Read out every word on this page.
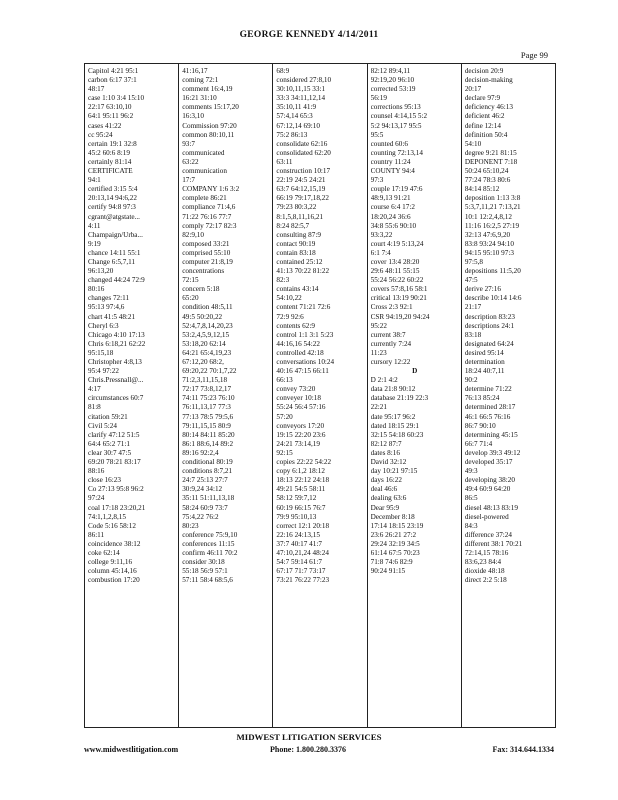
GEORGE KENNEDY 4/14/2011
Page 99
Capitol 4:21 95:1
carbon 6:17 37:1
48:17
case 1:10 3:4 15:10
22:17 63:10,10
64:1 95:11 96:2
cases 41:22
cc 95:24
certain 19:1 32:8
45:2 60:6 8:19
certainly 81:14
CERTIFICATE
94:1
certified 3:15 5:4
20:13,14 94:6,22
certify 94:8 97:3
cgrant@atgstate...
4:11
Champaign/Urba...
9:19
chance 14:11 55:1
Change 6:5,7,11
96:13,20
changed 44:24 72:9
80:16
changes 72:11
95:13 97:4,6
chart 41:5 48:21
Cheryl 6:3
Chicago 4:10 17:13
Chris 6:18,21 62:22
95:15,18
Christopher 4:8,13
95:4 97:22
Chris.Pressnall@...
4:17
circumstances 60:7
81:8
citation 59:21
Civil 5:24
clarify 47:12 51:5
64:4 65:2 71:1
clear 30:7 47:5
69:20 78:21 83:17
88:16
close 16:23
Co 27:13 95:8 96:2
97:24
coal 17:18 23:20,21
74:1,1,2,8,15
Code 5:16 58:12
86:11
coincidence 38:12
coke 62:14
college 9:11,16
column 45:14,16
combustion 17:20
41:16,17
coming 72:1
comment 16:4,19
16:21 31:10
comments 15:17,20
16:3,10
Commission 97:20
common 80:10,11
93:7
communicated
63:22
communication
17:7
COMPANY 1:6 3:2
complete 86:21
compliance 71:4,6
71:22 76:16 77:7
comply 72:17 82:3
82:9,10
composed 33:21
comprised 55:10
computer 21:8,19
concentrations
72:15
concern 5:18
65:20
condition 48:5,11
49:5 50:20,22
52:4,7,8,14,20,23
53:2,4,5,9,12,15
53:18,20 62:14
64:21 65:4,19,23
67:12,20 68:2,
69:20,22 70:1,7,22
71:2,3,11,15,18
72:17 73:8,12,17
74:11 75:23 76:10
76:11,13,17 77:3
77:13 78:5 79:5,6
79:11,15,15 80:9
80:14 84:11 85:20
86:1 88:6,14 89:2
89:16 92:2,4
conditional 80:19
conditions 8:7,21
24:7 25:13 27:7
30:9,24 34:12
35:11 51:11,13,18
58:24 60:9 73:7
75:4,22 76:2
80:23
conference 75:9,10
conferences 11:15
confirm 46:11 70:2
consider 30:18
55:18 56:9 57:1
57:11 58:4 68:5,6
68:9
considered 27:8,10
30:10,11,15 33:1
33:3 34:11,12,14
35:10,11 41:9
57:4,14 65:3
67:12,14 69:10
75:2 86:13
consolidate 62:16
consolidated 62:20
63:11
construction 10:17
22:19 24:5 24:21
63:7 64:12,15,19
66:19 79:17,18,22
79:23 80:3,22
8:1,5,8,11,16,21
8:24 82:5,7
consulting 87:9
contact 90:19
contain 83:18
contained 25:12
41:13 70:22 81:22
82:3
contains 43:14
54:10,22
content 71:21 72:6
72:9 92:6
contents 62:9
control 1:1 3:1 5:23
44:16,16 54:22
controlled 42:18
conversations 10:24
40:16 47:15 66:11
66:13
convey 73:20
conveyer 10:18
55:24 56:4 57:16
57:20
conveyors 17:20
19:15 22:20 23:6
24:21 73:14,19
92:15
copies 22:22 54:22
copy 6:1,2 18:12
18:13 22:12 24:18
49:21 54:5 58:11
58:12 59:7,12
60:19 66:15 76:7
79:9 95:10,13
correct 12:1 20:18
22:16 24:13,15
37:7 40:17 41:7
47:10,21,24 48:24
54:7 59:14 61:7
67:17 71:7 73:17
73:21 76:22 77:23
82:12 89:4,11
92:19,20 96:10
corrected 53:19
56:19
corrections 95:13
counsel 4:14,15 5:2
5:2 94:13,17 95:5
95:5
counted 60:6
counting 72:13,14
country 11:24
COUNTY 94:4
97:3
couple 17:19 47:6
48:9,13 91:21
course 6:4 17:2
18:20,24 36:6
34:8 55:6 90:10
93:3,22
court 4:19 5:13,24
6:1 7:4
cover 13:4 28:20
29:6 48:11 55:15
55:24 56:22 60:22
covers 57:8,16 58:1
critical 13:19 90:21
Cross 2:3 92:1
CSR 94:19,20 94:24
95:22
current 38:7
currently 7:24
11:23
cursory 12:22
D
D 2:1 4:2
data 21:8 90:12
database 21:19 22:3
22:21
date 95:17 96:2
dated 18:15 29:1
32:15 54:18 60:23
82:12 87:7
dates 8:16
David 32:12
day 10:21 97:15
days 16:22
deal 46:6
dealing 63:6
Dear 95:9
December 8:18
17:14 18:15 23:19
23:6 26:21 27:2
29:24 32:19 34:5
61:14 67:5 70:23
71:8 74:6 82:9
90:24 91:15
decision 20:9
decision-making
20:17
declare 97:9
deficiency 46:13
deficient 46:2
define 12:14
definition 50:4
54:10
degree 9:21 81:15
DEPONENT 7:18
50:24 65:10,24
77:24 78:3 80:6
84:14 85:12
deposition 1:13 3:8
5:3,7,11,21 7:13,21
10:1 12:2,4,8,12
11:16 16:2,5 27:19
32:13 47:6,9,20
83:8 93:24 94:10
94:15 95:10 97:3
97:5,8
depositions 11:5,20
47:5
derive 27:16
describe 10:14 14:6
21:17
description 83:23
descriptions 24:1
83:18
designated 64:24
desired 95:14
determination
18:24 40:7,11
90:2
determine 71:22
76:13 85:24
determined 28:17
46:1 66:5 76:16
86:7 90:10
determining 45:15
66:7 71:4
develop 39:3 49:12
developed 35:17
49:3
developing 38:20
49:4 60:9 64:20
86:5
diesel 48:13 83:19
diesel-powered
84:3
difference 37:24
different 38:1 70:21
72:14,15 78:16
83:6,23 84:4
dioxide 48:18
direct 2:2 5:18
MIDWEST LITIGATION SERVICES
www.midwestlitigation.com	Phone: 1.800.280.3376	Fax: 314.644.1334
